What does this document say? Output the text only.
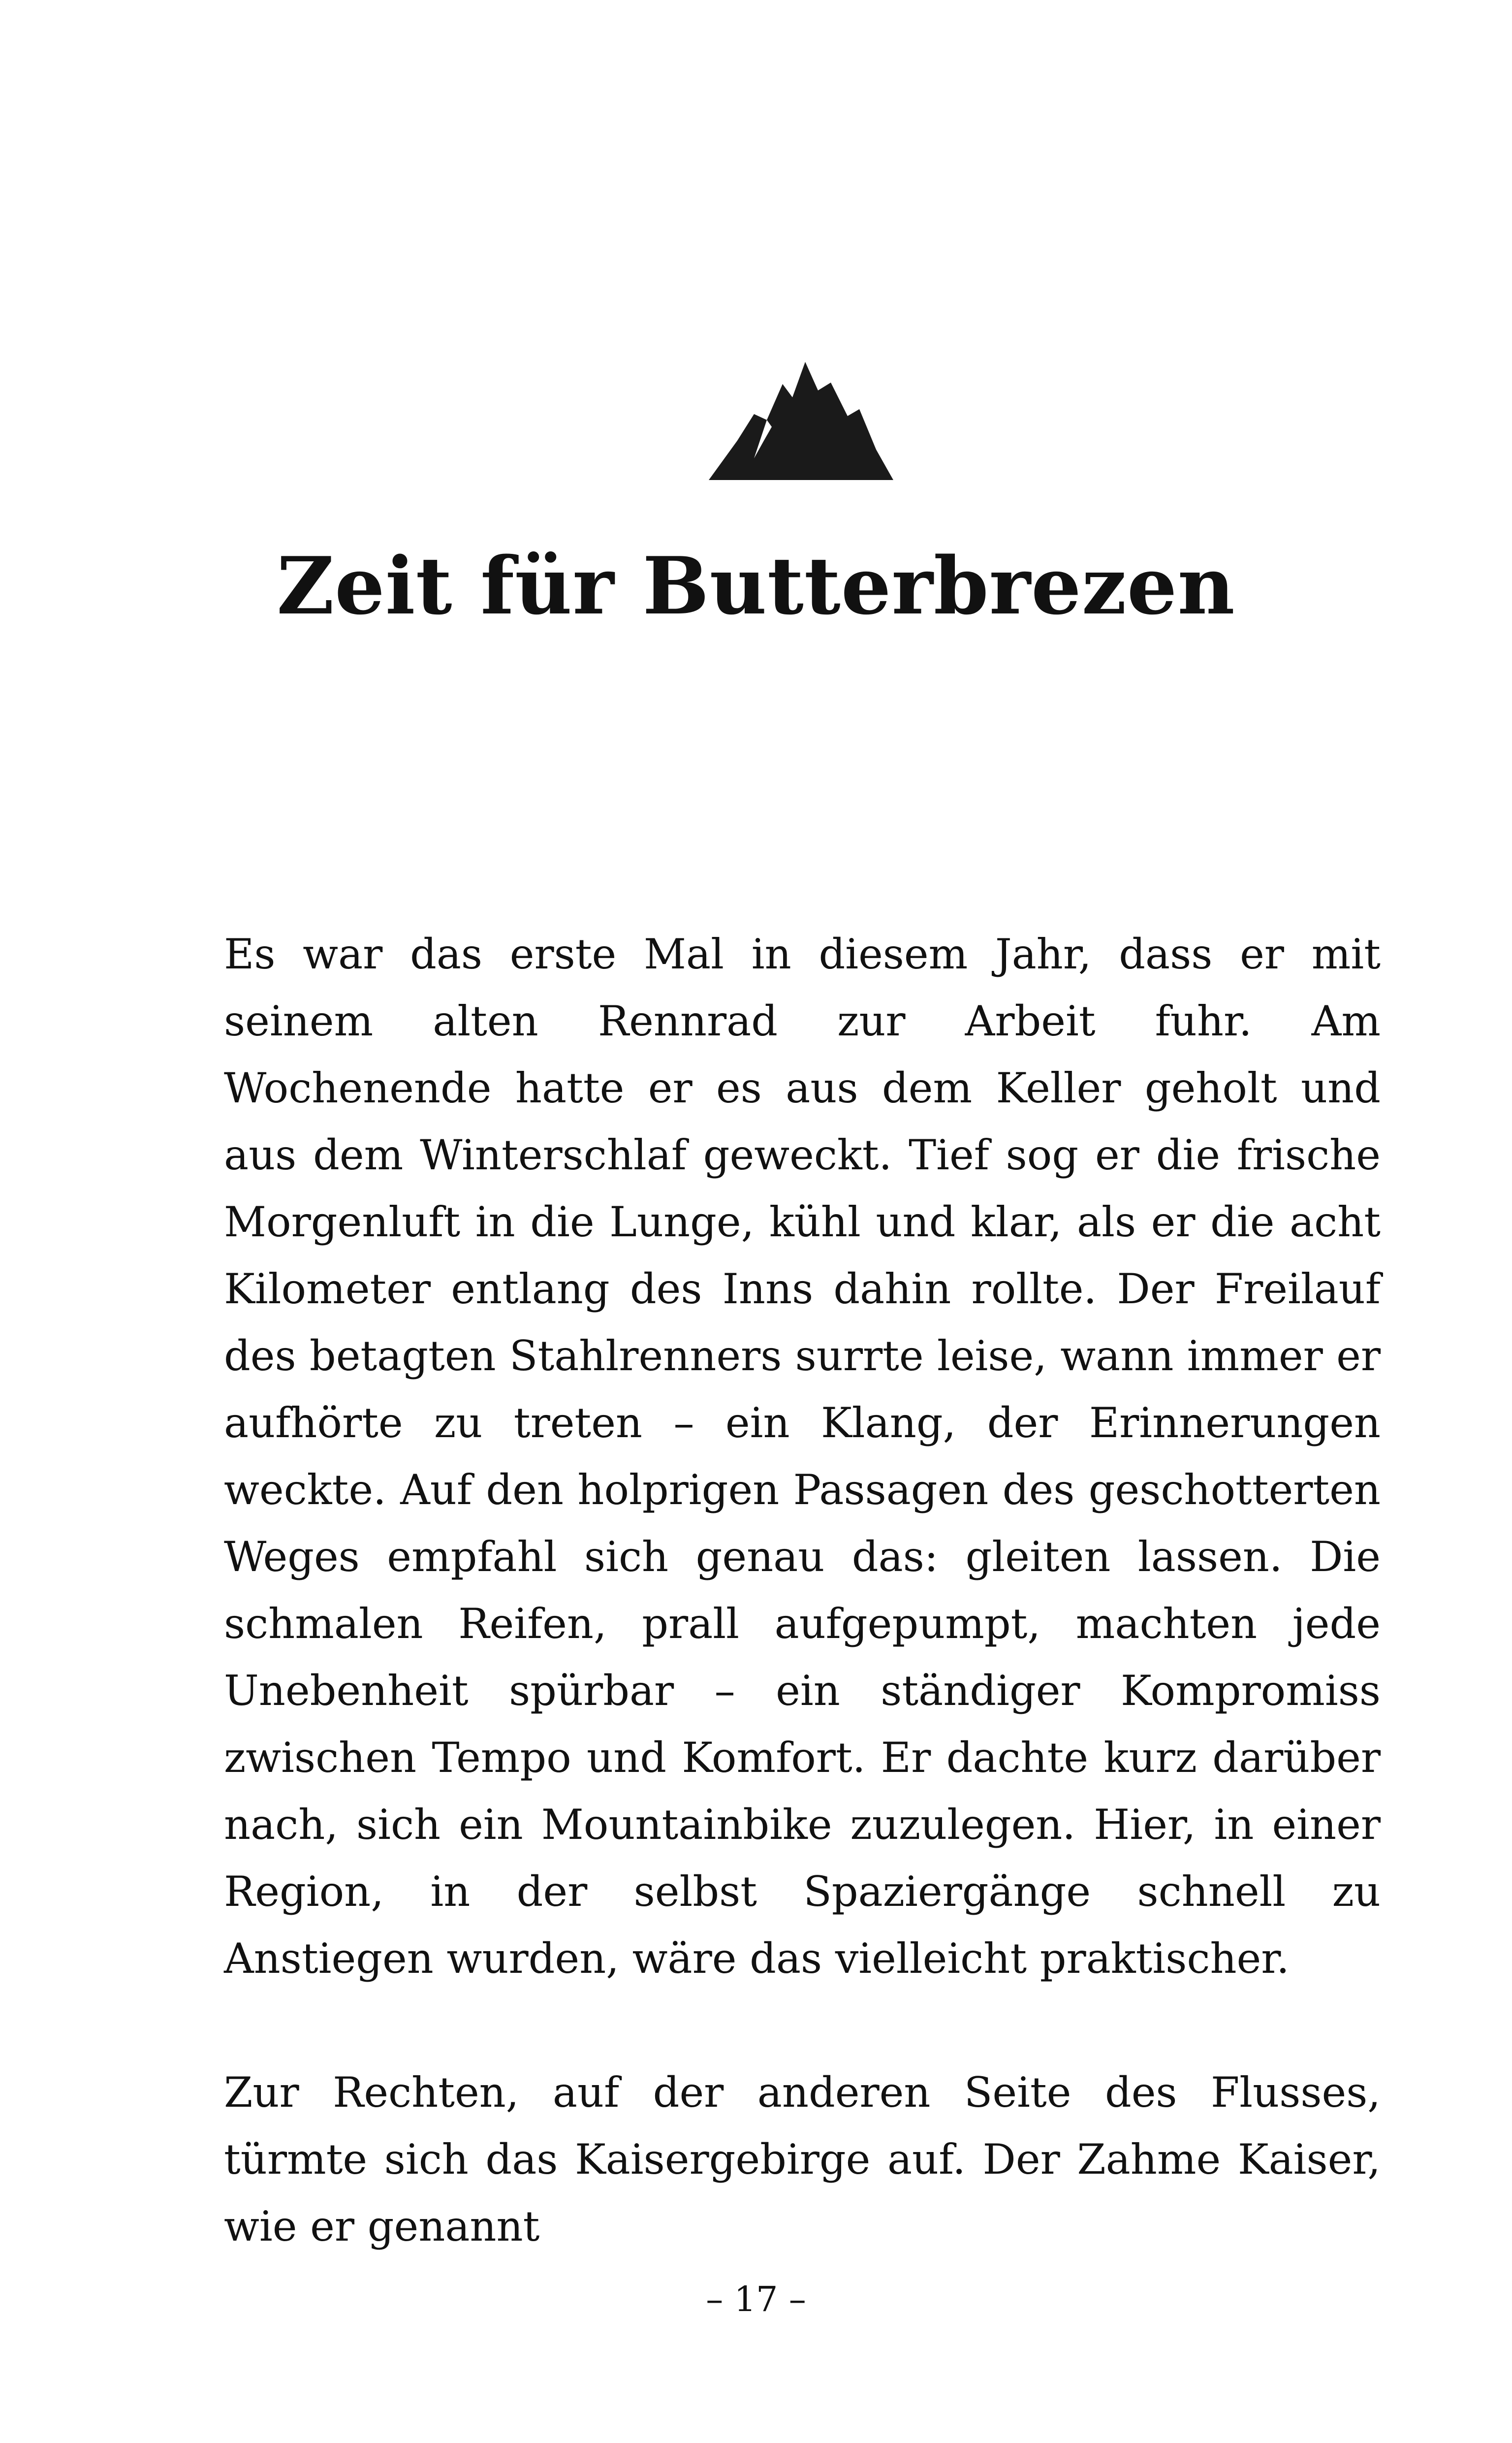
Zeit für Butterbrezen

Es war das erste Mal in diesem Jahr, dass er mit seinem alten Rennrad zur Arbeit fuhr. Am Wochenende hatte er es aus dem Keller geholt und aus dem Winterschlaf geweckt. Tief sog er die frische Morgenluft in die Lunge, kühl und klar, als er die acht Kilometer entlang des Inns dahin rollte. Der Freilauf des betagten Stahlrenners surrte leise, wann immer er aufhörte zu treten – ein Klang, der Erinnerungen weckte. Auf den holprigen Passagen des geschotterten Weges empfahl sich genau das: gleiten lassen. Die schmalen Reifen, prall aufgepumpt, machten jede Unebenheit spürbar – ein ständiger Kompromiss zwischen Tempo und Komfort. Er dachte kurz darüber nach, sich ein Mountainbike zuzulegen. Hier, in einer Region, in der selbst Spaziergänge schnell zu Anstiegen wurden, wäre das vielleicht praktischer.

Zur Rechten, auf der anderen Seite des Flusses, türmte sich das Kaisergebirge auf. Der Zahme Kaiser, wie er genannt

– 17 –
